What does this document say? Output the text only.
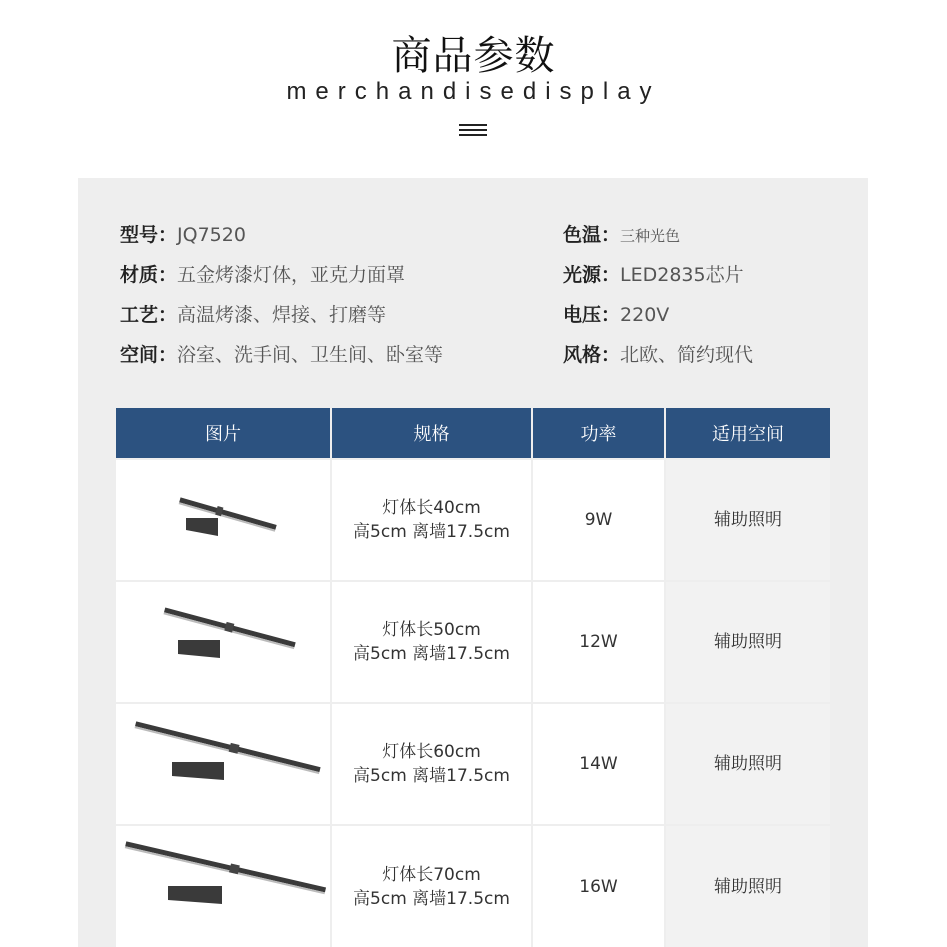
商品参数
merchandisedisplay
型号：JQ7520
材质：五金烤漆灯体，亚克力面罩
工艺：高温烤漆、焊接、打磨等
空间：浴室、洗手间、卫生间、卧室等
色温：三种光色
光源：LED2835芯片
电压：220V
风格：北欧、简约现代
图片	规格	功率	适用空间
灯体长40cm
高5cm 离墙17.5cm
9W	辅助照明
灯体长50cm
高5cm 离墙17.5cm
12W	辅助照明
灯体长60cm
高5cm 离墙17.5cm
14W	辅助照明
灯体长70cm
高5cm 离墙17.5cm
16W	辅助照明
